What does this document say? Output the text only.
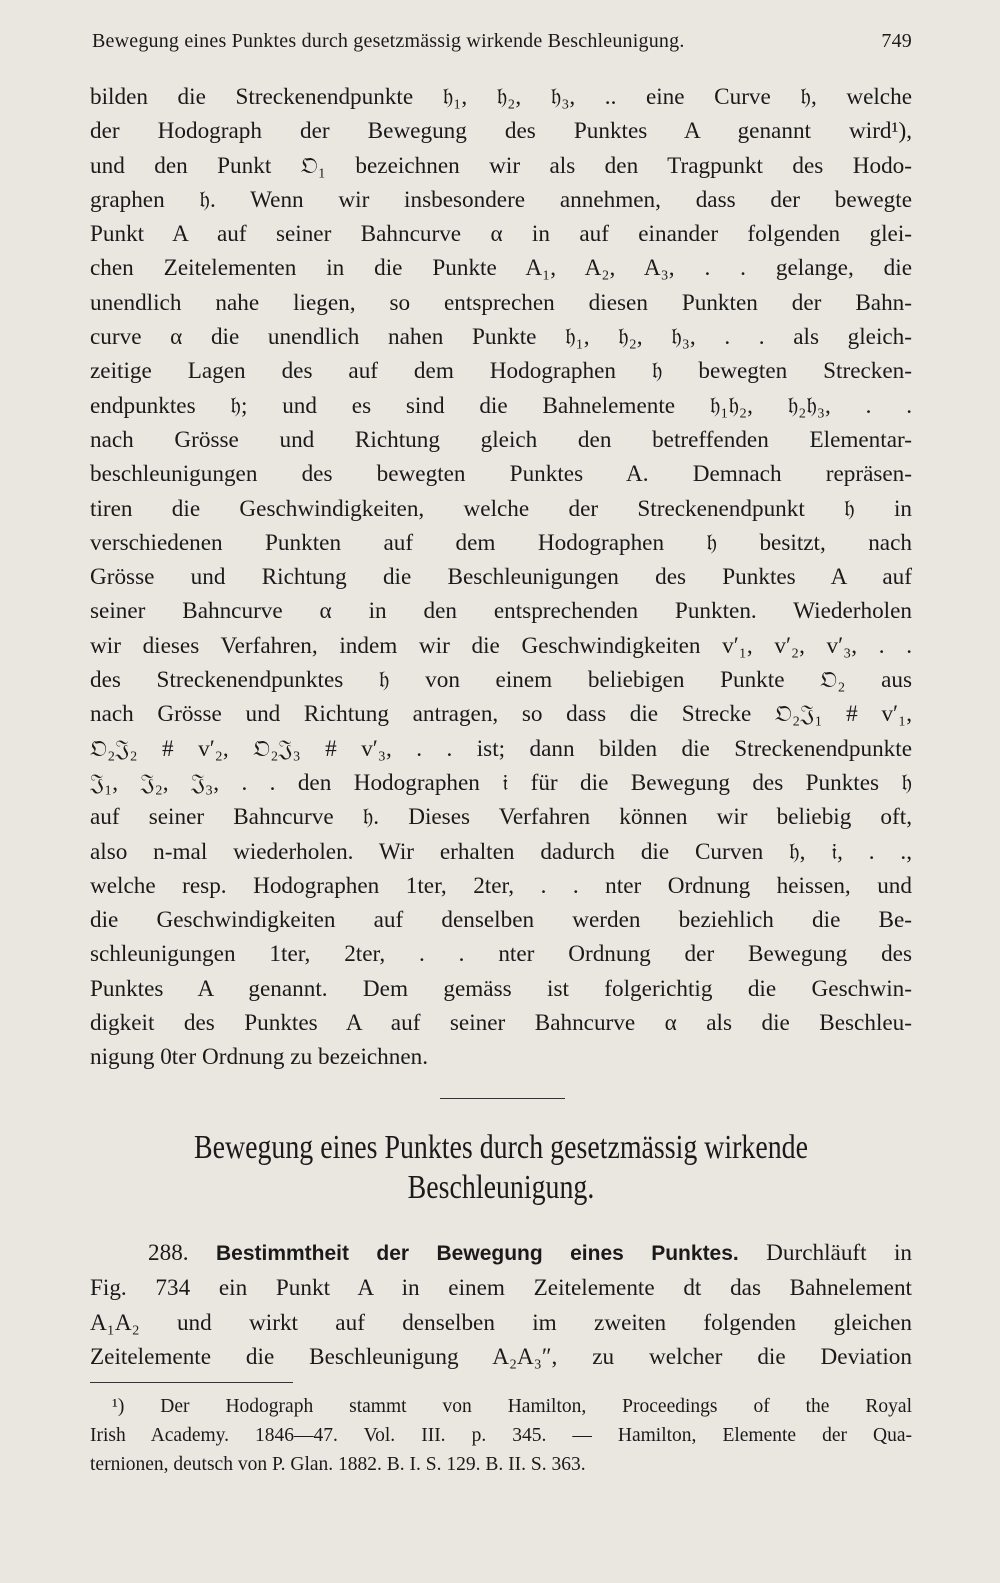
Bewegung eines Punktes durch gesetzmässig wirkende Beschleunigung.	749
bilden die Streckenendpunkte 𝔥₁, 𝔥₂, 𝔥₃, .. eine Curve 𝔥, welche
der Hodograph der Bewegung des Punktes A genannt wird¹),
und den Punkt 𝔒₁ bezeichnen wir als den Tragpunkt des Hodo-
graphen 𝔥. Wenn wir insbesondere annehmen, dass der bewegte
Punkt A auf seiner Bahncurve α in auf einander folgenden glei-
chen Zeitelementen in die Punkte A₁, A₂, A₃, . . gelange, die
unendlich nahe liegen, so entsprechen diesen Punkten der Bahn-
curve α die unendlich nahen Punkte 𝔥₁, 𝔥₂, 𝔥₃, . . als gleich-
zeitige Lagen des auf dem Hodographen 𝔥 bewegten Strecken-
endpunktes 𝔥; und es sind die Bahnelemente 𝔥₁𝔥₂, 𝔥₂𝔥₃, . .
nach Grösse und Richtung gleich den betreffenden Elementar-
beschleunigungen des bewegten Punktes A. Demnach repräsen-
tiren die Geschwindigkeiten, welche der Streckenendpunkt 𝔥 in
verschiedenen Punkten auf dem Hodographen 𝔥 besitzt, nach
Grösse und Richtung die Beschleunigungen des Punktes A auf
seiner Bahncurve α in den entsprechenden Punkten. Wiederholen
wir dieses Verfahren, indem wir die Geschwindigkeiten v′₁, v′₂, v′₃, . .
des Streckenendpunktes 𝔥 von einem beliebigen Punkte 𝔒₂ aus
nach Grösse und Richtung antragen, so dass die Strecke 𝔒₂𝔍₁ # v′₁,
𝔒₂𝔍₂ # v′₂, 𝔒₂𝔍₃ # v′₃, . . ist; dann bilden die Streckenendpunkte
𝔍₁, 𝔍₂, 𝔍₃, . . den Hodographen 𝔦 für die Bewegung des Punktes 𝔥
auf seiner Bahncurve 𝔥. Dieses Verfahren können wir beliebig oft,
also n-mal wiederholen. Wir erhalten dadurch die Curven 𝔥, 𝔦, . .,
welche resp. Hodographen 1ter, 2ter, . . nter Ordnung heissen, und
die Geschwindigkeiten auf denselben werden beziehlich die Be-
schleunigungen 1ter, 2ter, . . nter Ordnung der Bewegung des
Punktes A genannt. Dem gemäss ist folgerichtig die Geschwin-
digkeit des Punktes A auf seiner Bahncurve α als die Beschleu-
nigung 0ter Ordnung zu bezeichnen.
Bewegung eines Punktes durch gesetzmässig wirkende
Beschleunigung.
288. Bestimmtheit der Bewegung eines Punktes. Durchläuft in
Fig. 734 ein Punkt A in einem Zeitelemente dt das Bahnelement
A₁A₂ und wirkt auf denselben im zweiten folgenden gleichen
Zeitelemente die Beschleunigung A₂A₃″, zu welcher die Deviation
¹) Der Hodograph stammt von Hamilton, Proceedings of the Royal
Irish Academy. 1846—47. Vol. III. p. 345. — Hamilton, Elemente der Qua-
ternionen, deutsch von P. Glan. 1882. B. I. S. 129. B. II. S. 363.
